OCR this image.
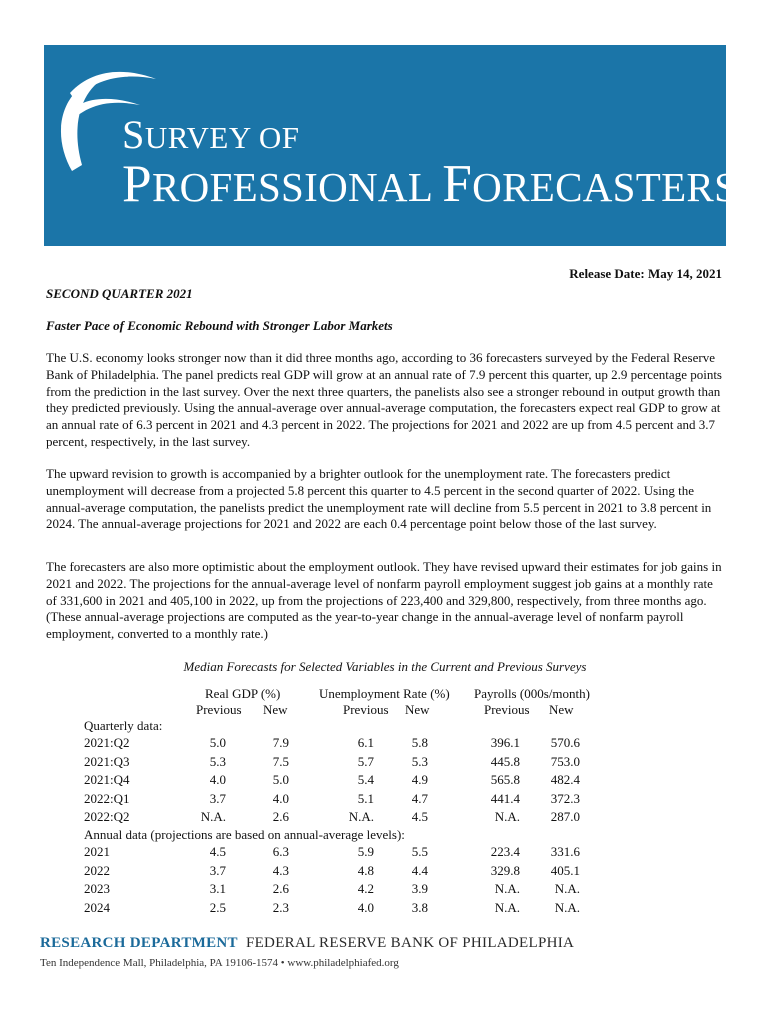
SURVEY OF
PROFESSIONAL FORECASTERS
Release Date: May 14, 2021
SECOND QUARTER 2021
Faster Pace of Economic Rebound with Stronger Labor Markets

The U.S. economy looks stronger now than it did three months ago, according to 36 forecasters surveyed by the Federal Reserve Bank of Philadelphia. The panel predicts real GDP will grow at an annual rate of 7.9 percent this quarter, up 2.9 percentage points from the prediction in the last survey. Over the next three quarters, the panelists also see a stronger rebound in output growth than they predicted previously. Using the annual-average over annual-average computation, the forecasters expect real GDP to grow at an annual rate of 6.3 percent in 2021 and 4.3 percent in 2022. The projections for 2021 and 2022 are up from 4.5 percent and 3.7 percent, respectively, in the last survey.

The upward revision to growth is accompanied by a brighter outlook for the unemployment rate. The forecasters predict unemployment will decrease from a projected 5.8 percent this quarter to 4.5 percent in the second quarter of 2022. Using the annual-average computation, the panelists predict the unemployment rate will decline from 5.5 percent in 2021 to 3.8 percent in 2024. The annual-average projections for 2021 and 2022 are each 0.4 percentage point below those of the last survey.

The forecasters are also more optimistic about the employment outlook. They have revised upward their estimates for job gains in 2021 and 2022. The projections for the annual-average level of nonfarm payroll employment suggest job gains at a monthly rate of 331,600 in 2021 and 405,100 in 2022, up from the projections of 223,400 and 329,800, respectively, from three months ago. (These annual-average projections are computed as the year-to-year change in the annual-average level of nonfarm payroll employment, converted to a monthly rate.)

Median Forecasts for Selected Variables in the Current and Previous Surveys
Real GDP (%)	Unemployment Rate (%) Payrolls (000s/month)
Previous New	Previous New	Previous New
Quarterly data:
2021:Q2	5.0	7.9	6.1	5.8	396.1	570.6
2021:Q3	5.3	7.5	5.7	5.3	445.8	753.0
2021:Q4	4.0	5.0	5.4	4.9	565.8	482.4
2022:Q1	3.7	4.0	5.1	4.7	441.4	372.3
2022:Q2	N.A.	2.6	N.A.	4.5	N.A.	287.0
Annual data (projections are based on annual-average levels):
2021	4.5	6.3	5.9	5.5	223.4	331.6
2022	3.7	4.3	4.8	4.4	329.8	405.1
2023	3.1	2.6	4.2	3.9	N.A.	N.A.
2024	2.5	2.3	4.0	3.8	N.A.	N.A.
RESEARCH DEPARTMENT FEDERAL RESERVE BANK OF PHILADELPHIA
Ten Independence Mall, Philadelphia, PA 19106-1574 • www.philadelphiafed.org
